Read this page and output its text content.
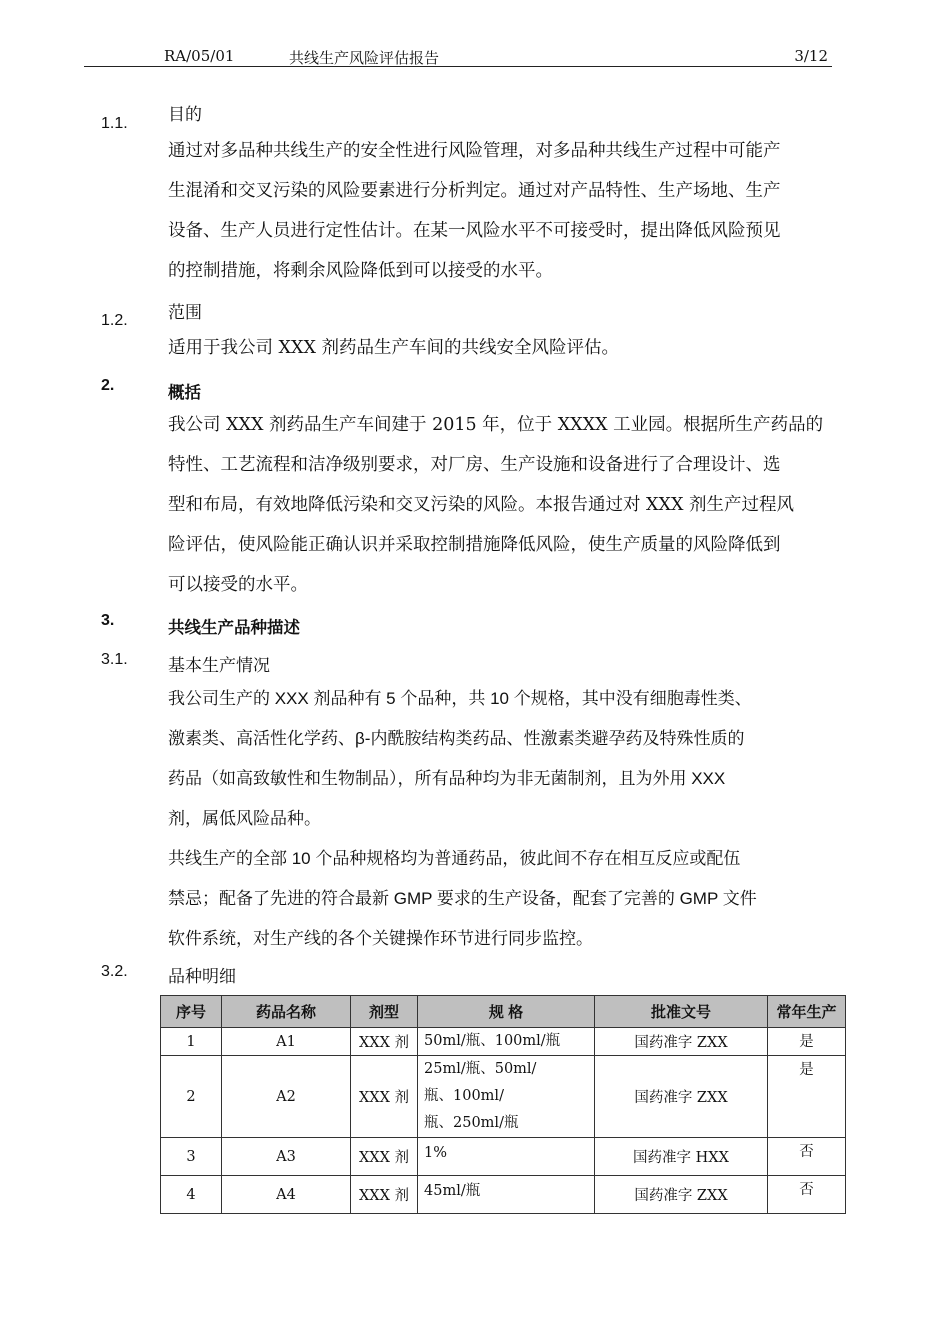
RA/05/01	共线生产风险评估报告	3/12
1.1. 目的
通过对多品种共线生产的安全性进行风险管理，对多品种共线生产过程中可能产
生混淆和交叉污染的风险要素进行分析判定。通过对产品特性、生产场地、生产
设备、生产人员进行定性估计。在某一风险水平不可接受时，提出降低风险预见
的控制措施，将剩余风险降低到可以接受的水平。
1.2. 范围
适用于我公司 XXX 剂药品生产车间的共线安全风险评估。
2.	概括
我公司 XXX 剂药品生产车间建于 2015 年，位于 XXXX 工业园。根据所生产药品的
特性、工艺流程和洁净级别要求，对厂房、生产设施和设备进行了合理设计、选
型和布局，有效地降低污染和交叉污染的风险。本报告通过对 XXX 剂生产过程风
险评估，使风险能正确认识并采取控制措施降低风险，使生产质量的风险降低到
可以接受的水平。
3.	共线生产品种描述
3.1. 基本生产情况
我公司生产的 XXX 剂品种有 5 个品种，共 10 个规格，其中没有细胞毒性类、
激素类、高活性化学药、β-内酰胺结构类药品、性激素类避孕药及特殊性质的
药品（如高致敏性和生物制品），所有品种均为非无菌制剂，且为外用 XXX
剂，属低风险品种。
共线生产的全部 10 个品种规格均为普通药品，彼此间不存在相互反应或配伍
禁忌；配备了先进的符合最新 GMP 要求的生产设备，配套了完善的 GMP 文件
软件系统，对生产线的各个关键操作环节进行同步监控。
3.2. 品种明细
序号	药品名称	剂型	规 格	批准文号	常年生产
1	A1	XXX 剂	50ml/瓶、100ml/瓶	国药准字 ZXX	是
2	A2	XXX 剂	25ml/瓶、50ml/
瓶、100ml/
瓶、250ml/瓶	国药准字 ZXX	是
3	A3	XXX 剂	1%	国药准字 HXX	否
4	A4	XXX 剂	45ml/瓶	国药准字 ZXX	否
